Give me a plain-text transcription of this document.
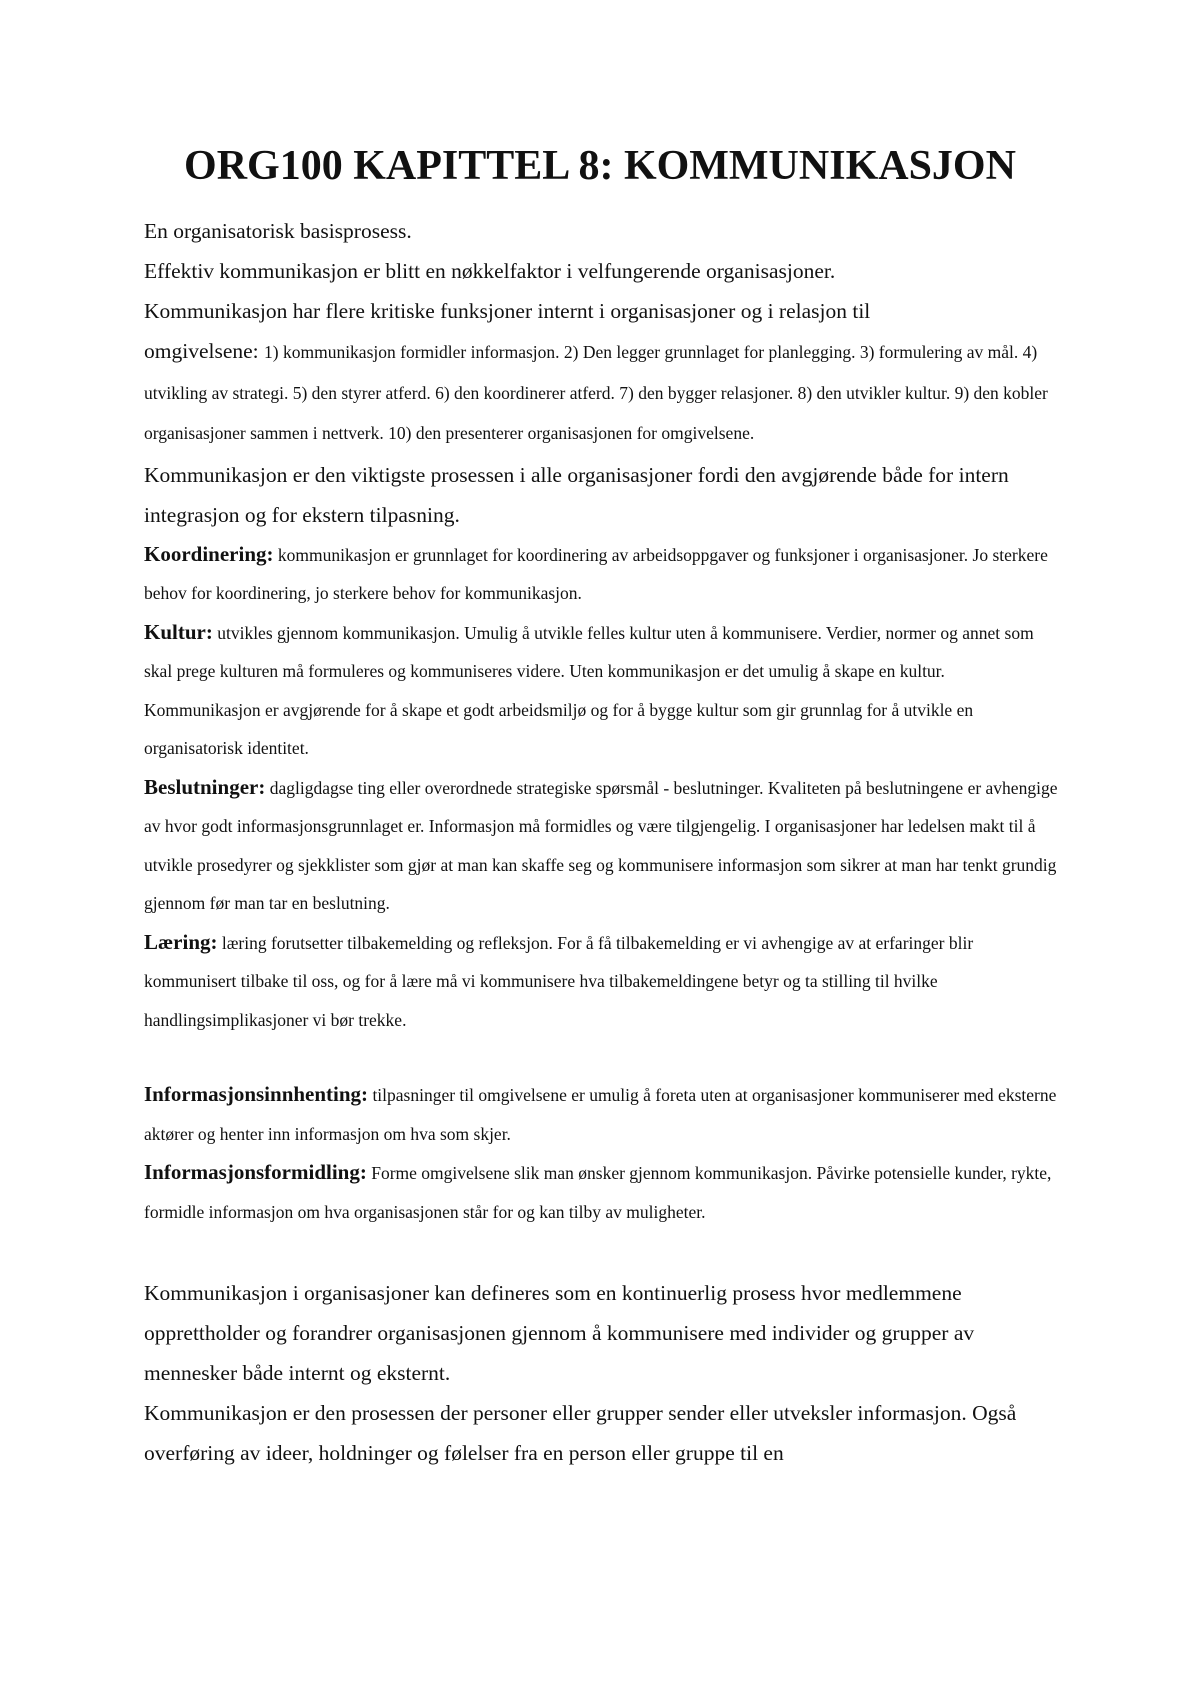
ORG100 KAPITTEL 8: KOMMUNIKASJON

En organisatorisk basisprosess.

Effektiv kommunikasjon er blitt en nøkkelfaktor i velfungerende organisasjoner.

Kommunikasjon har flere kritiske funksjoner internt i organisasjoner og i relasjon til

omgivelsene: 1) kommunikasjon formidler informasjon. 2) Den legger grunnlaget for planlegging. 3) formulering av mål. 4) utvikling av strategi. 5) den styrer atferd. 6) den koordinerer atferd. 7) den bygger relasjoner. 8) den utvikler kultur. 9) den kobler organisasjoner sammen i nettverk. 10) den presenterer organisasjonen for omgivelsene.

Kommunikasjon er den viktigste prosessen i alle organisasjoner fordi den avgjørende både for intern integrasjon og for ekstern tilpasning.

Koordinering: kommunikasjon er grunnlaget for koordinering av arbeidsoppgaver og funksjoner i organisasjoner. Jo sterkere behov for koordinering, jo sterkere behov for kommunikasjon.

Kultur: utvikles gjennom kommunikasjon. Umulig å utvikle felles kultur uten å kommunisere. Verdier, normer og annet som skal prege kulturen må formuleres og kommuniseres videre. Uten kommunikasjon er det umulig å skape en kultur. Kommunikasjon er avgjørende for å skape et godt arbeidsmiljø og for å bygge kultur som gir grunnlag for å utvikle en organisatorisk identitet.

Beslutninger: dagligdagse ting eller overordnede strategiske spørsmål - beslutninger. Kvaliteten på beslutningene er avhengige av hvor godt informasjonsgrunnlaget er. Informasjon må formidles og være tilgjengelig. I organisasjoner har ledelsen makt til å utvikle prosedyrer og sjekklister som gjør at man kan skaffe seg og kommunisere informasjon som sikrer at man har tenkt grundig gjennom før man tar en beslutning.

Læring: læring forutsetter tilbakemelding og refleksjon. For å få tilbakemelding er vi avhengige av at erfaringer blir kommunisert tilbake til oss, og for å lære må vi kommunisere hva tilbakemeldingene betyr og ta stilling til hvilke handlingsimplikasjoner vi bør trekke.

Informasjonsinnhenting: tilpasninger til omgivelsene er umulig å foreta uten at organisasjoner kommuniserer med eksterne aktører og henter inn informasjon om hva som skjer.

Informasjonsformidling: Forme omgivelsene slik man ønsker gjennom kommunikasjon. Påvirke potensielle kunder, rykte, formidle informasjon om hva organisasjonen står for og kan tilby av muligheter.

Kommunikasjon i organisasjoner kan defineres som en kontinuerlig prosess hvor medlemmene opprettholder og forandrer organisasjonen gjennom å kommunisere med individer og grupper av mennesker både internt og eksternt.

Kommunikasjon er den prosessen der personer eller grupper sender eller utveksler informasjon. Også overføring av ideer, holdninger og følelser fra en person eller gruppe til en
